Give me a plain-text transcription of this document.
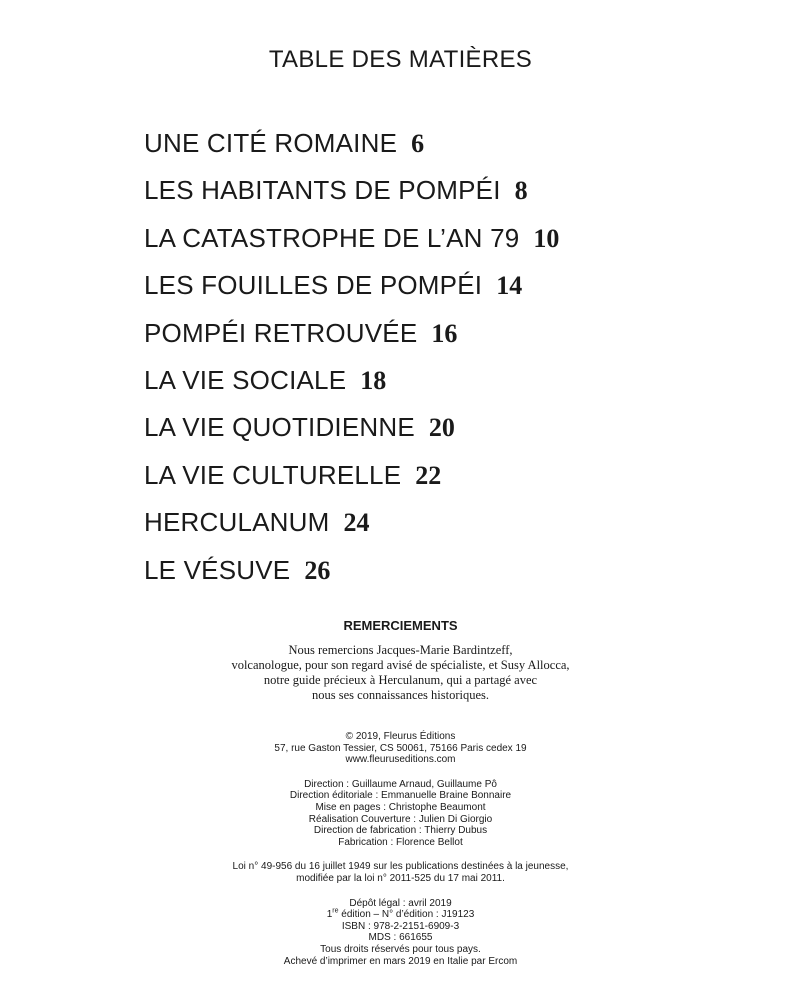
TABLE DES MATIÈRES
UNE CITÉ ROMAINE 6
LES HABITANTS DE POMPÉI 8
LA CATASTROPHE DE L’AN 79 10
LES FOUILLES DE POMPÉI 14
POMPÉI RETROUVÉE 16
LA VIE SOCIALE 18
LA VIE QUOTIDIENNE 20
LA VIE CULTURELLE 22
HERCULANUM 24
LE VÉSUVE 26
REMERCIEMENTS

Nous remercions Jacques-Marie Bardintzeff,
volcanologue, pour son regard avisé de spécialiste, et Susy Allocca,
notre guide précieux à Herculanum, qui a partagé avec
nous ses connaissances historiques.

© 2019, Fleurus Éditions
57, rue Gaston Tessier, CS 50061, 75166 Paris cedex 19
www.fleuruseditions.com

Direction : Guillaume Arnaud, Guillaume Pô
Direction éditoriale : Emmanuelle Braine Bonnaire
Mise en pages : Christophe Beaumont
Réalisation Couverture : Julien Di Giorgio
Direction de fabrication : Thierry Dubus
Fabrication : Florence Bellot

Loi n° 49-956 du 16 juillet 1949 sur les publications destinées à la jeunesse,
modifiée par la loi n° 2011-525 du 17 mai 2011.

Dépôt légal : avril 2019
1re édition – N° d’édition : J19123
ISBN : 978-2-2151-6909-3
MDS : 661655
Tous droits réservés pour tous pays.
Achevé d’imprimer en mars 2019 en Italie par Ercom
